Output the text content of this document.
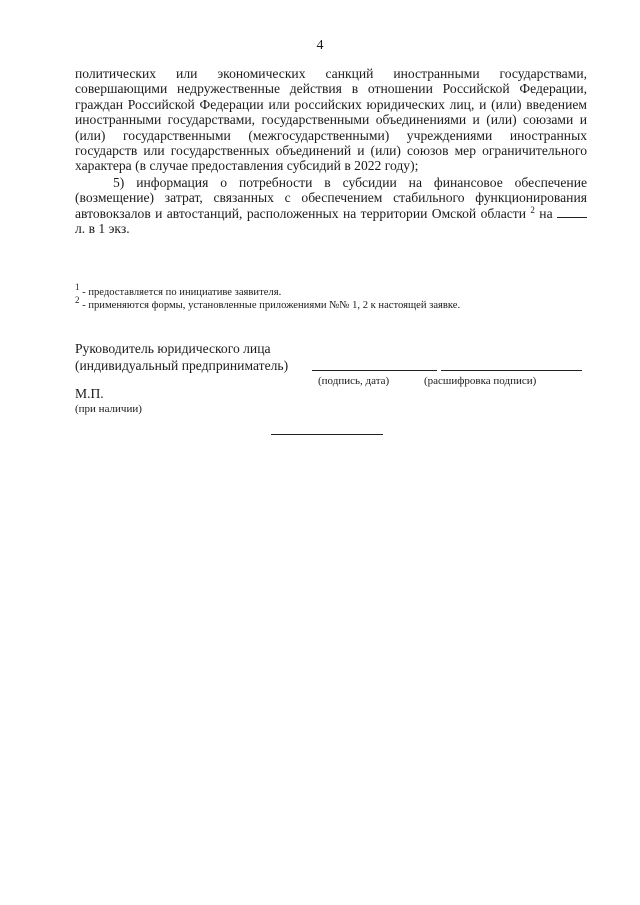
4

политических или экономических санкций иностранными государствами, совершающими недружественные действия в отношении Российской Федерации, граждан Российской Федерации или российских юридических лиц, и (или) введением иностранными государствами, государственными объединениями и (или) союзами и (или) государственными (межгосударственными) учреждениями иностранных государств или государственных объединений и (или) союзов мер ограничительного характера (в случае предоставления субсидий в 2022 году);

5) информация о потребности в субсидии на финансовое обеспечение (возмещение) затрат, связанных с обеспечением стабильного функционирования автовокзалов и автостанций, расположенных на территории Омской области $^2$ на  л. в 1 экз.

$^1$ - предоставляется по инициативе заявителя.
$^2$ - применяются формы, установленные приложениями №№ 1, 2 к настоящей заявке.
Руководитель юридического лица
(индивидуальный предприниматель)
(подпись, дата)	(расшифровка подписи)
М.П.
(при наличии)
